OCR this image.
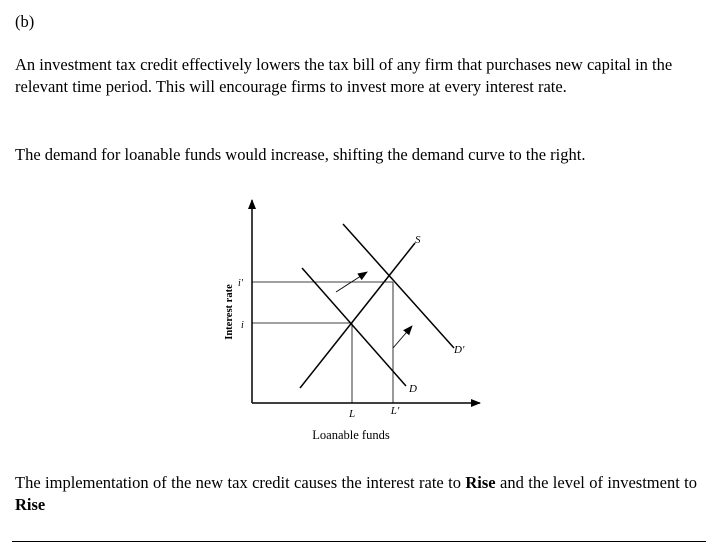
(b)

An investment tax credit effectively lowers the tax bill of any firm that purchases new capital in the relevant time period. This will encourage firms to invest more at every interest rate.

The demand for loanable funds would increase, shifting the demand curve to the right.

S
D
D'
i'
i
L	L'
Loanable funds
Interest rate

The implementation of the new tax credit causes the interest rate to Rise and the level of investment to Rise
